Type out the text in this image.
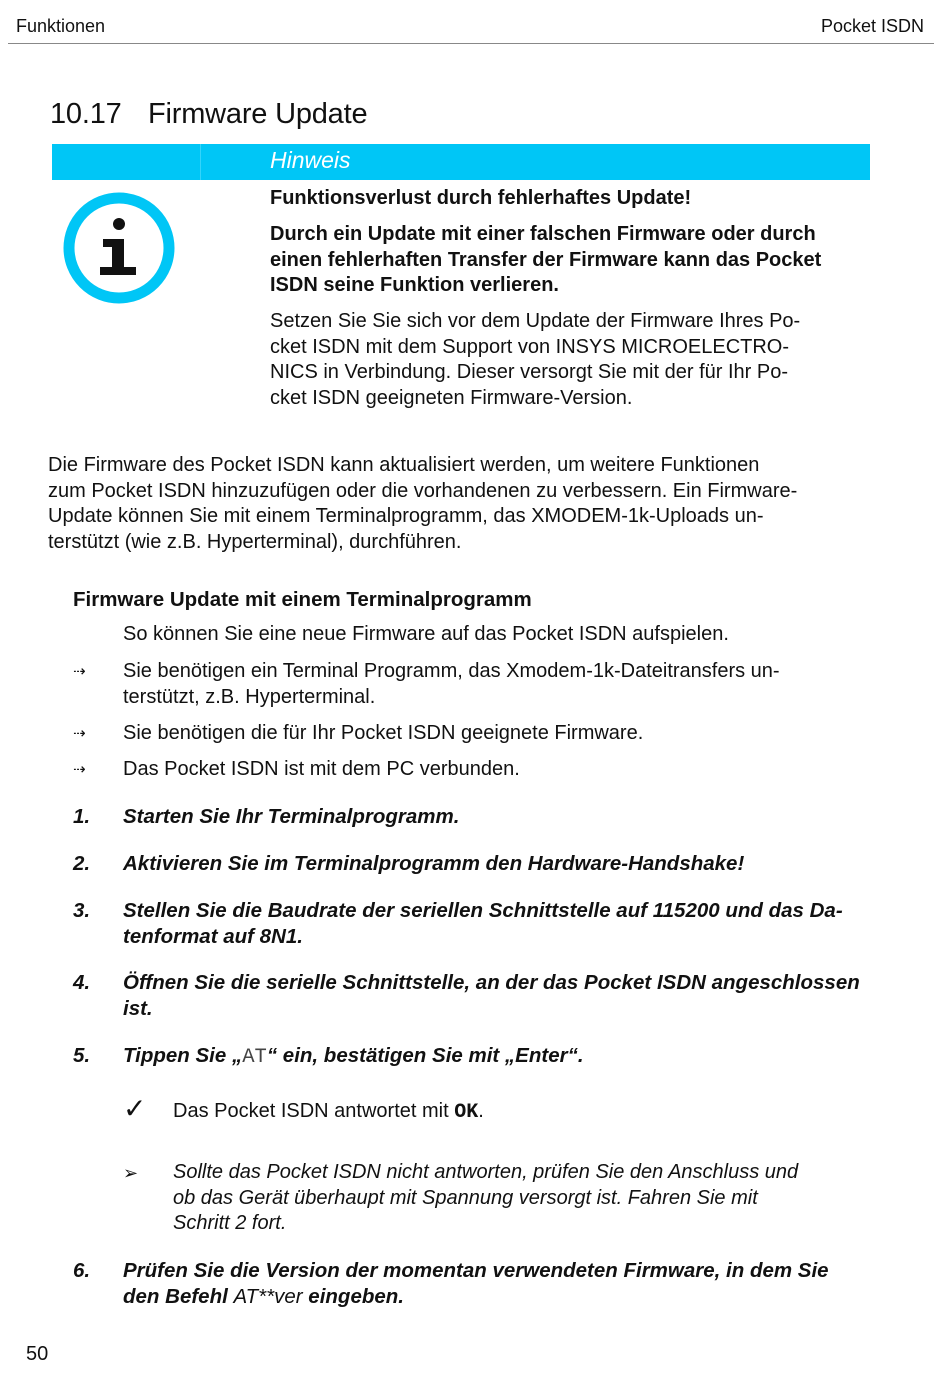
Funktionen	Pocket ISDN
10.17 Firmware Update
Hinweis
Funktionsverlust durch fehlerhaftes Update!
Durch ein Update mit einer falschen Firmware oder durch
einen fehlerhaften Transfer der Firmware kann das Pocket
ISDN seine Funktion verlieren.
Setzen Sie Sie sich vor dem Update der Firmware Ihres Po-
cket ISDN mit dem Support von INSYS MICROELECTRO-
NICS in Verbindung. Dieser versorgt Sie mit der für Ihr Po-
cket ISDN geeigneten Firmware-Version.
Die Firmware des Pocket ISDN kann aktualisiert werden, um weitere Funktionen
zum Pocket ISDN hinzuzufügen oder die vorhandenen zu verbessern. Ein Firmware-
Update können Sie mit einem Terminalprogramm, das XMODEM-1k-Uploads un-
terstützt (wie z.B. Hyperterminal), durchführen.
Firmware Update mit einem Terminalprogramm
So können Sie eine neue Firmware auf das Pocket ISDN aufspielen.
⇢	Sie benötigen ein Terminal Programm, das Xmodem-1k-Dateitransfers un-
terstützt, z.B. Hyperterminal.
⇢	Sie benötigen die für Ihr Pocket ISDN geeignete Firmware.
⇢	Das Pocket ISDN ist mit dem PC verbunden.
1. Starten Sie Ihr Terminalprogramm.
2. Aktivieren Sie im Terminalprogramm den Hardware-Handshake!
3. Stellen Sie die Baudrate der seriellen Schnittstelle auf 115200 und das Da-
tenformat auf 8N1.
4. Öffnen Sie die serielle Schnittstelle, an der das Pocket ISDN angeschlossen
ist.
5. Tippen Sie „AT“ ein, bestätigen Sie mit „Enter“.
✓ Das Pocket ISDN antwortet mit OK.
➢ Sollte das Pocket ISDN nicht antworten, prüfen Sie den Anschluss und
ob das Gerät überhaupt mit Spannung versorgt ist. Fahren Sie mit
Schritt 2 fort.
6. Prüfen Sie die Version der momentan verwendeten Firmware, in dem Sie
den Befehl AT**ver eingeben.
50
